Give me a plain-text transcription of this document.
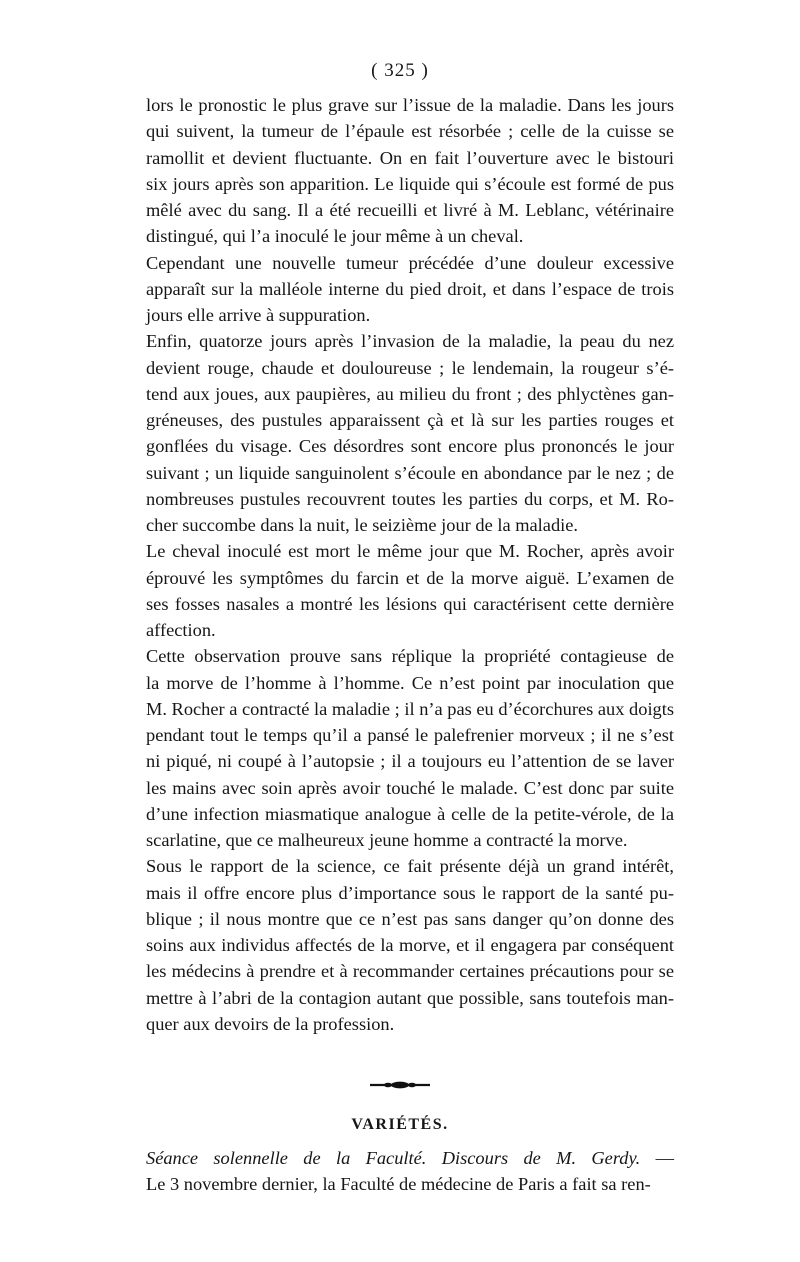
( 325 )

lors le pronostic le plus grave sur l’issue de la maladie. Dans les jours
qui suivent, la tumeur de l’épaule est résorbée ; celle de la cuisse se
ramollit et devient fluctuante. On en fait l’ouverture avec le bistouri
six jours après son apparition. Le liquide qui s’écoule est formé de pus
mêlé avec du sang. Il a été recueilli et livré à M. Leblanc, vétérinaire
distingué, qui l’a inoculé le jour même à un cheval.

Cependant une nouvelle tumeur précédée d’une douleur excessive
apparaît sur la malléole interne du pied droit, et dans l’espace de trois
jours elle arrive à suppuration.

Enfin, quatorze jours après l’invasion de la maladie, la peau du nez
devient rouge, chaude et douloureuse ; le lendemain, la rougeur s’é-
tend aux joues, aux paupières, au milieu du front ; des phlyctènes gan-
gréneuses, des pustules apparaissent çà et là sur les parties rouges et
gonflées du visage. Ces désordres sont encore plus prononcés le jour
suivant ; un liquide sanguinolent s’écoule en abondance par le nez ; de
nombreuses pustules recouvrent toutes les parties du corps, et M. Ro-
cher succombe dans la nuit, le seizième jour de la maladie.

Le cheval inoculé est mort le même jour que M. Rocher, après avoir
éprouvé les symptômes du farcin et de la morve aiguë. L’examen de
ses fosses nasales a montré les lésions qui caractérisent cette dernière
affection.

Cette observation prouve sans réplique la propriété contagieuse de
la morve de l’homme à l’homme. Ce n’est point par inoculation que
M. Rocher a contracté la maladie ; il n’a pas eu d’écorchures aux doigts
pendant tout le temps qu’il a pansé le palefrenier morveux ; il ne s’est
ni piqué, ni coupé à l’autopsie ; il a toujours eu l’attention de se laver
les mains avec soin après avoir touché le malade. C’est donc par suite
d’une infection miasmatique analogue à celle de la petite-vérole, de la
scarlatine, que ce malheureux jeune homme a contracté la morve.

Sous le rapport de la science, ce fait présente déjà un grand intérêt,
mais il offre encore plus d’importance sous le rapport de la santé pu-
blique ; il nous montre que ce n’est pas sans danger qu’on donne des
soins aux individus affectés de la morve, et il engagera par conséquent
les médecins à prendre et à recommander certaines précautions pour se
mettre à l’abri de la contagion autant que possible, sans toutefois man-
quer aux devoirs de la profession.

VARIÉTÉS.

Séance solennelle de la Faculté. Discours de M. Gerdy. —
Le 3 novembre dernier, la Faculté de médecine de Paris a fait sa ren-
